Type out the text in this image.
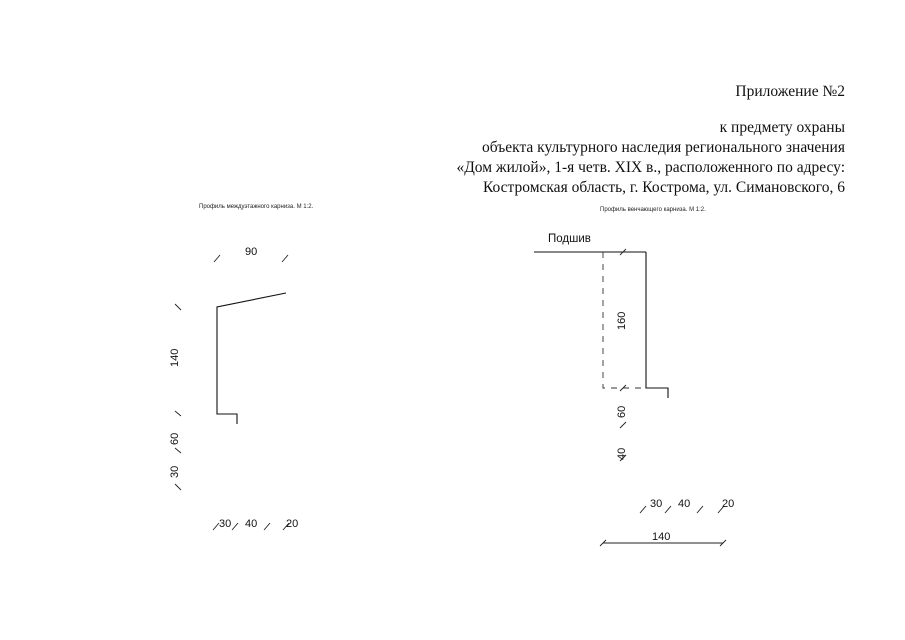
Приложение №2
к предмету охраны
объекта культурного наследия регионального значения
«Дом жилой», 1-я четв. XIX в., расположенного по адресу:
Костромская область, г. Кострома, ул. Симановского, 6
Профиль междуэтажного карниза. М 1:2.	Профиль венчающего карниза. М 1:2.
90
140
60
30
30 40	20
Подшив
160
60
40
30 40	20
140
